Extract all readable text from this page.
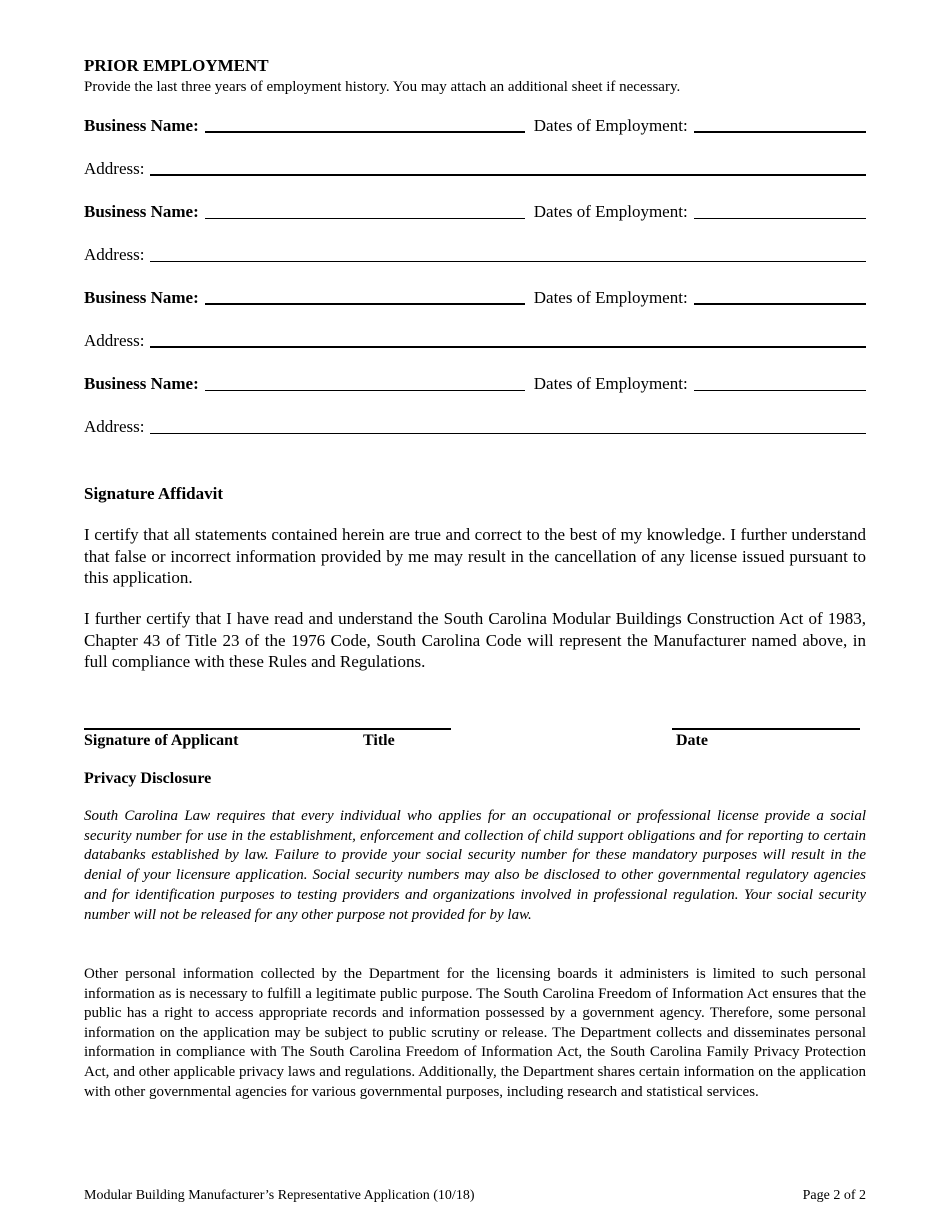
PRIOR EMPLOYMENT

Provide the last three years of employment history. You may attach an additional sheet if necessary.

Business Name:	Dates of Employment:
Address:
Business Name:	Dates of Employment:
Address:
Business Name:	Dates of Employment:
Address:
Business Name:	Dates of Employment:
Address:
Signature Affidavit

I certify that all statements contained herein are true and correct to the best of my knowledge. I further understand that false or incorrect information provided by me may result in the cancellation of any license issued pursuant to this application.

I further certify that I have read and understand the South Carolina Modular Buildings Construction Act of 1983, Chapter 43 of Title 23 of the 1976 Code, South Carolina Code will represent the Manufacturer named above, in full compliance with these Rules and Regulations.

Signature of Applicant	Title	Date
Privacy Disclosure

South Carolina Law requires that every individual who applies for an occupational or professional license provide a social security number for use in the establishment, enforcement and collection of child support obligations and for reporting to certain databanks established by law. Failure to provide your social security number for these mandatory purposes will result in the denial of your licensure application. Social security numbers may also be disclosed to other governmental regulatory agencies and for identification purposes to testing providers and organizations involved in professional regulation. Your social security number will not be released for any other purpose not provided for by law.

Other personal information collected by the Department for the licensing boards it administers is limited to such personal information as is necessary to fulfill a legitimate public purpose. The South Carolina Freedom of Information Act ensures that the public has a right to access appropriate records and information possessed by a government agency. Therefore, some personal information on the application may be subject to public scrutiny or release. The Department collects and disseminates personal information in compliance with The South Carolina Freedom of Information Act, the South Carolina Family Privacy Protection Act, and other applicable privacy laws and regulations. Additionally, the Department shares certain information on the application with other governmental agencies for various governmental purposes, including research and statistical services.

Modular Building Manufacturer’s Representative Application (10/18)	Page 2 of 2
